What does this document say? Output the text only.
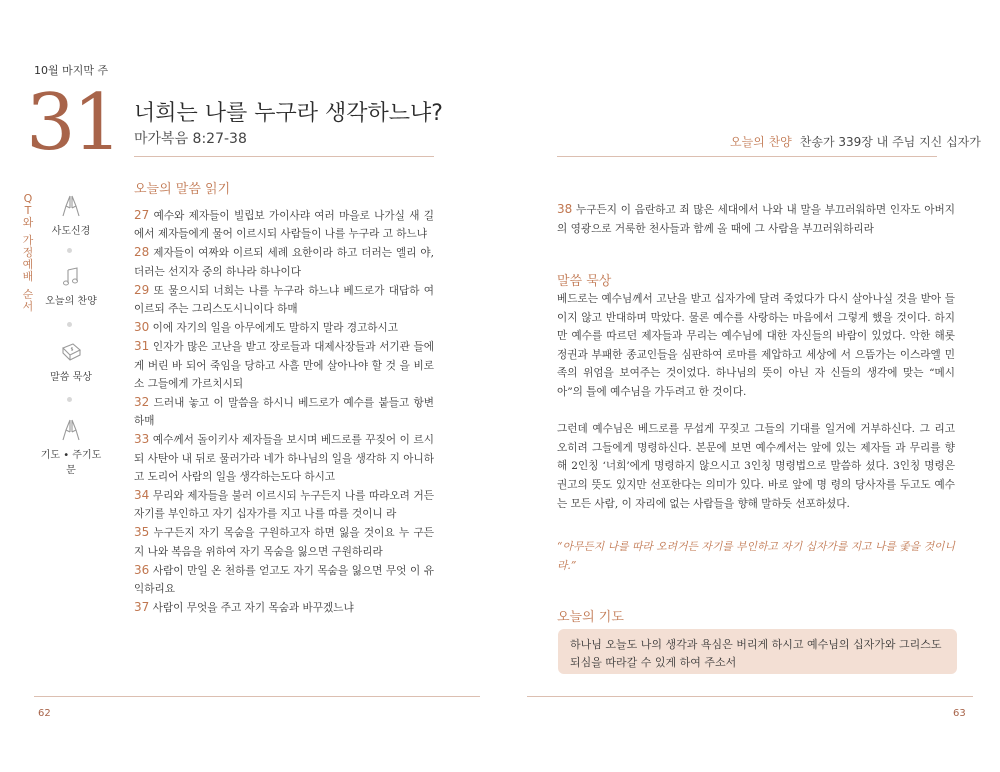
10월 마지막 주
31 너희는 나를 누구라 생각하느냐?
마가복음 8:27-38	오늘의 찬양 찬송가 339장 내 주님 지신 십자가
Q
T
와
가
정
예
배
순
서
사도신경
오늘의 찬양
말씀 묵상
기도 • 주기도문
오늘의 말씀 읽기

27 예수와 제자들이 빌립보 가이사랴 여러 마을로 나가실 새 길에서 제자들에게 물어 이르시되 사람들이 나를 누구라 고 하느냐

28 제자들이 여짜와 이르되 세례 요한이라 하고 더러는 엘리 야, 더러는 선지자 중의 하나라 하나이다

29 또 물으시되 너희는 나를 누구라 하느냐 베드로가 대답하 여 이르되 주는 그리스도시니이다 하매

30 이에 자기의 일을 아무에게도 말하지 말라 경고하시고

31 인자가 많은 고난을 받고 장로들과 대제사장들과 서기관 들에게 버린 바 되어 죽임을 당하고 사흘 만에 살아나야 할 것 을 비로소 그들에게 가르치시되

32 드러내 놓고 이 말씀을 하시니 베드로가 예수를 붙들고 항변하매

33 예수께서 돌이키사 제자들을 보시며 베드로를 꾸짖어 이 르시되 사탄아 내 뒤로 물러가라 네가 하나님의 일을 생각하 지 아니하고 도리어 사람의 일을 생각하는도다 하시고

34 무리와 제자들을 불러 이르시되 누구든지 나를 따라오려 거든 자기를 부인하고 자기 십자가를 지고 나를 따를 것이니 라

35 누구든지 자기 목숨을 구원하고자 하면 잃을 것이요 누 구든지 나와 복음을 위하여 자기 목숨을 잃으면 구원하리라

36 사람이 만일 온 천하를 얻고도 자기 목숨을 잃으면 무엇 이 유익하리요

37 사람이 무엇을 주고 자기 목숨과 바꾸겠느냐

38 누구든지 이 음란하고 죄 많은 세대에서 나와 내 말을 부끄러워하면 인자도 아버지의 영광으로 거룩한 천사들과 함께 올 때에 그 사람을 부끄러워하리라
말씀 묵상

베드로는 예수님께서 고난을 받고 십자가에 달려 죽었다가 다시 살아나실 것을 받아 들이지 않고 반대하며 막았다. 물론 예수를 사랑하는 마음에서 그렇게 했을 것이다. 하지만 예수를 따르던 제자들과 무리는 예수님에 대한 자신들의 바람이 있었다. 악한 해롯 정권과 부패한 종교인들을 심판하여 로마를 제압하고 세상에 서 으뜸가는 이스라엘 민족의 위엄을 보여주는 것이었다. 하나님의 뜻이 아닌 자 신들의 생각에 맞는 “메시아”의 틀에 예수님을 가두려고 한 것이다.

그런데 예수님은 베드로를 무섭게 꾸짖고 그들의 기대를 일거에 거부하신다. 그 리고 오히려 그들에게 명령하신다. 본문에 보면 예수께서는 앞에 있는 제자들 과 무리를 향해 2인칭 ‘너희’에게 명령하지 않으시고 3인칭 명령법으로 말씀하 셨다. 3인칭 명령은 권고의 뜻도 있지만 선포한다는 의미가 있다. 바로 앞에 명 령의 당사자를 두고도 예수는 모든 사람, 이 자리에 없는 사람들을 향해 말하듯 선포하셨다.

“아무든지 나를 따라 오려거든 자기를 부인하고 자기 십자가를 지고 나를 좇을 것이니라.”
오늘의 기도
하나님 오늘도 나의 생각과 욕심은 버리게 하시고 예수님의 십자가와 그리스도 되심을 따라갈 수 있게 하여 주소서
62	63
